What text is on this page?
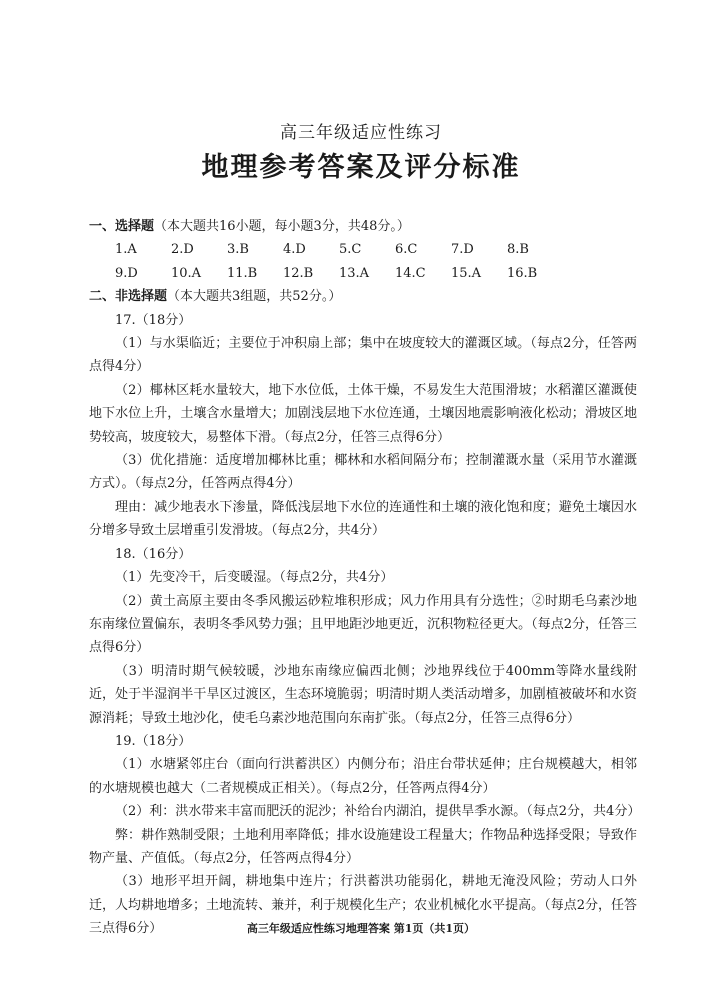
高三年级适应性练习
地理参考答案及评分标准

一、选择题（本大题共16小题，每小题3分，共48分。）

1.A	2.D	3.B	4.D	5.C	6.C	7.D	8.B
9.D	10.A	11.B	12.B	13.A	14.C	15.A	16.B

二、非选择题（本大题共3组题，共52分。）

17.（18分）

（1）与水渠临近；主要位于冲积扇上部；集中在坡度较大的灌溉区域。（每点2分，任答两点得4分）

（2）椰林区耗水量较大，地下水位低，土体干燥，不易发生大范围滑坡；水稻灌区灌溉使地下水位上升，土壤含水量增大；加剧浅层地下水位连通，土壤因地震影响液化松动；滑坡区地势较高，坡度较大，易整体下滑。（每点2分，任答三点得6分）

（3）优化措施：适度增加椰林比重；椰林和水稻间隔分布；控制灌溉水量（采用节水灌溉方式）。（每点2分，任答两点得4分）

理由：减少地表水下渗量，降低浅层地下水位的连通性和土壤的液化饱和度；避免土壤因水分增多导致土层增重引发滑坡。（每点2分，共4分）

18.（16分）

（1）先变冷干，后变暖湿。（每点2分，共4分）

（2）黄土高原主要由冬季风搬运砂粒堆积形成；风力作用具有分选性；②时期毛乌素沙地东南缘位置偏东，表明冬季风势力强；且甲地距沙地更近，沉积物粒径更大。（每点2分，任答三点得6分）

（3）明清时期气候较暖，沙地东南缘应偏西北侧；沙地界线位于400mm等降水量线附近，处于半湿润半干旱区过渡区，生态环境脆弱；明清时期人类活动增多，加剧植被破坏和水资源消耗；导致土地沙化，使毛乌素沙地范围向东南扩张。（每点2分，任答三点得6分）

19.（18分）

（1）水塘紧邻庄台（面向行洪蓄洪区）内侧分布；沿庄台带状延伸；庄台规模越大，相邻的水塘规模也越大（二者规模成正相关）。（每点2分，任答两点得4分）

（2）利：洪水带来丰富而肥沃的泥沙；补给台内湖泊，提供旱季水源。（每点2分，共4分）

弊：耕作熟制受限；土地利用率降低；排水设施建设工程量大；作物品种选择受限；导致作物产量、产值低。（每点2分，任答两点得4分）

（3）地形平坦开阔，耕地集中连片；行洪蓄洪功能弱化，耕地无淹没风险；劳动人口外迁，人均耕地增多；土地流转、兼并，利于规模化生产；农业机械化水平提高。（每点2分，任答三点得6分）	高三年级适应性练习地理答案 第1页（共1页）
